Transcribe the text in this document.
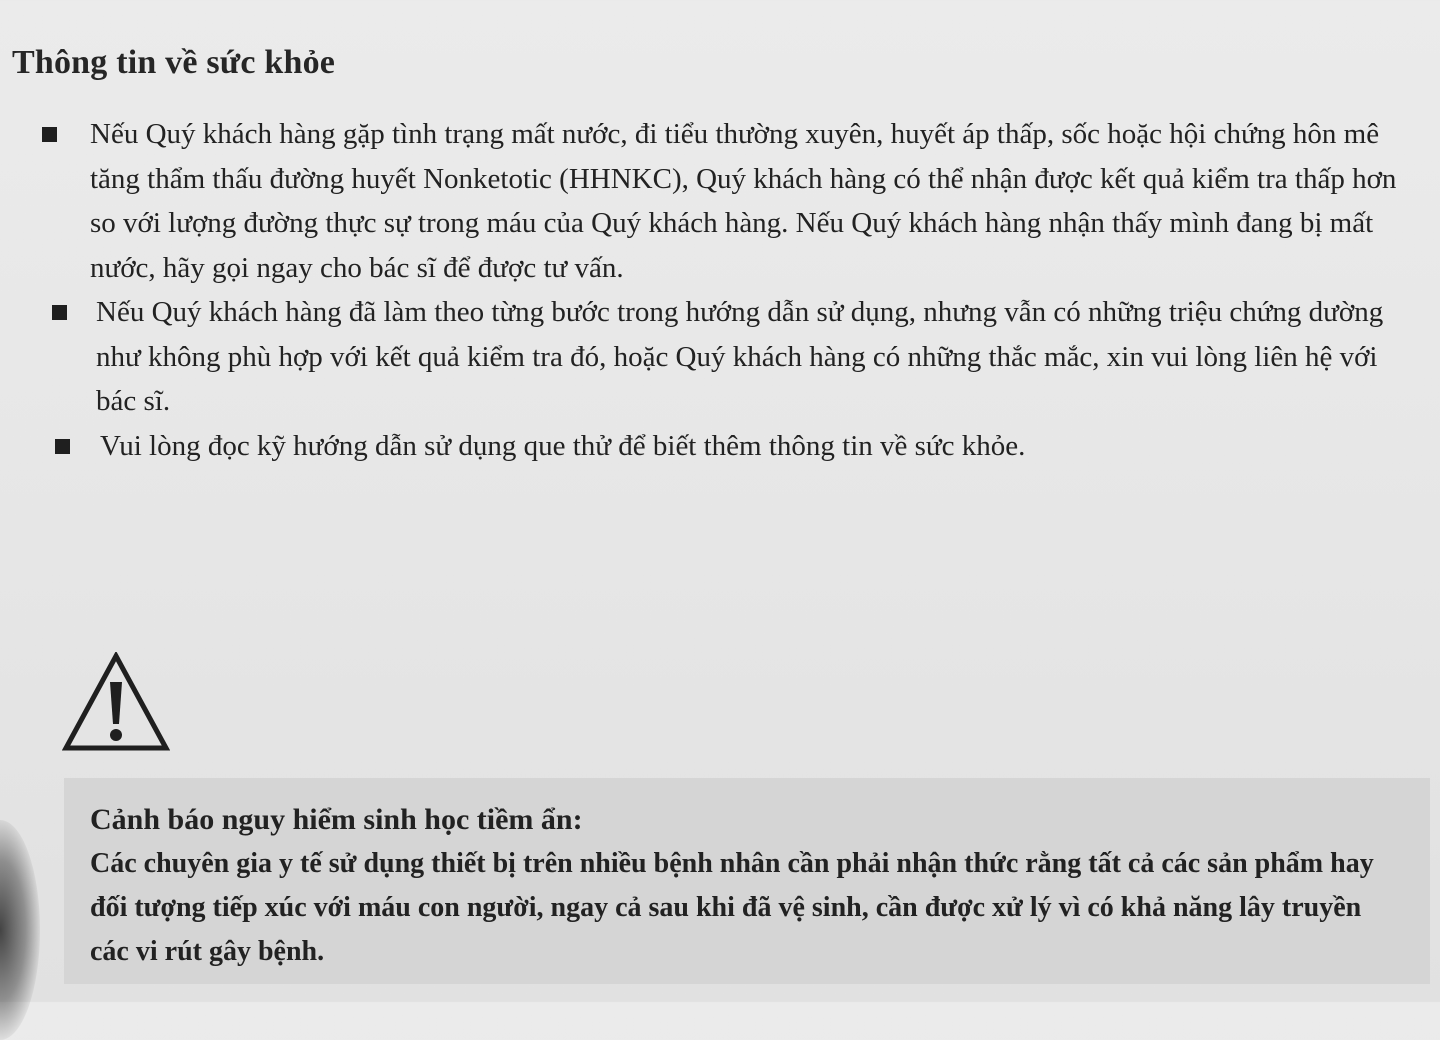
Thông tin về sức khỏe
Nếu Quý khách hàng gặp tình trạng mất nước, đi tiểu thường xuyên, huyết áp thấp, sốc hoặc hội chứng hôn mê tăng thẩm thấu đường huyết Nonketotic (HHNKC), Quý khách hàng có thể nhận được kết quả kiểm tra thấp hơn so với lượng đường thực sự trong máu của Quý khách hàng. Nếu Quý khách hàng nhận thấy mình đang bị mất nước, hãy gọi ngay cho bác sĩ để được tư vấn.
Nếu Quý khách hàng đã làm theo từng bước trong hướng dẫn sử dụng, nhưng vẫn có những triệu chứng dường như không phù hợp với kết quả kiểm tra đó, hoặc Quý khách hàng có những thắc mắc, xin vui lòng liên hệ với bác sĩ.
Vui lòng đọc kỹ hướng dẫn sử dụng que thử để biết thêm thông tin về sức khỏe.

Cảnh báo nguy hiểm sinh học tiềm ẩn:

Các chuyên gia y tế sử dụng thiết bị trên nhiều bệnh nhân cần phải nhận thức rằng tất cả các sản phẩm hay đối tượng tiếp xúc với máu con người, ngay cả sau khi đã vệ sinh, cần được xử lý vì có khả năng lây truyền các vi rút gây bệnh.
